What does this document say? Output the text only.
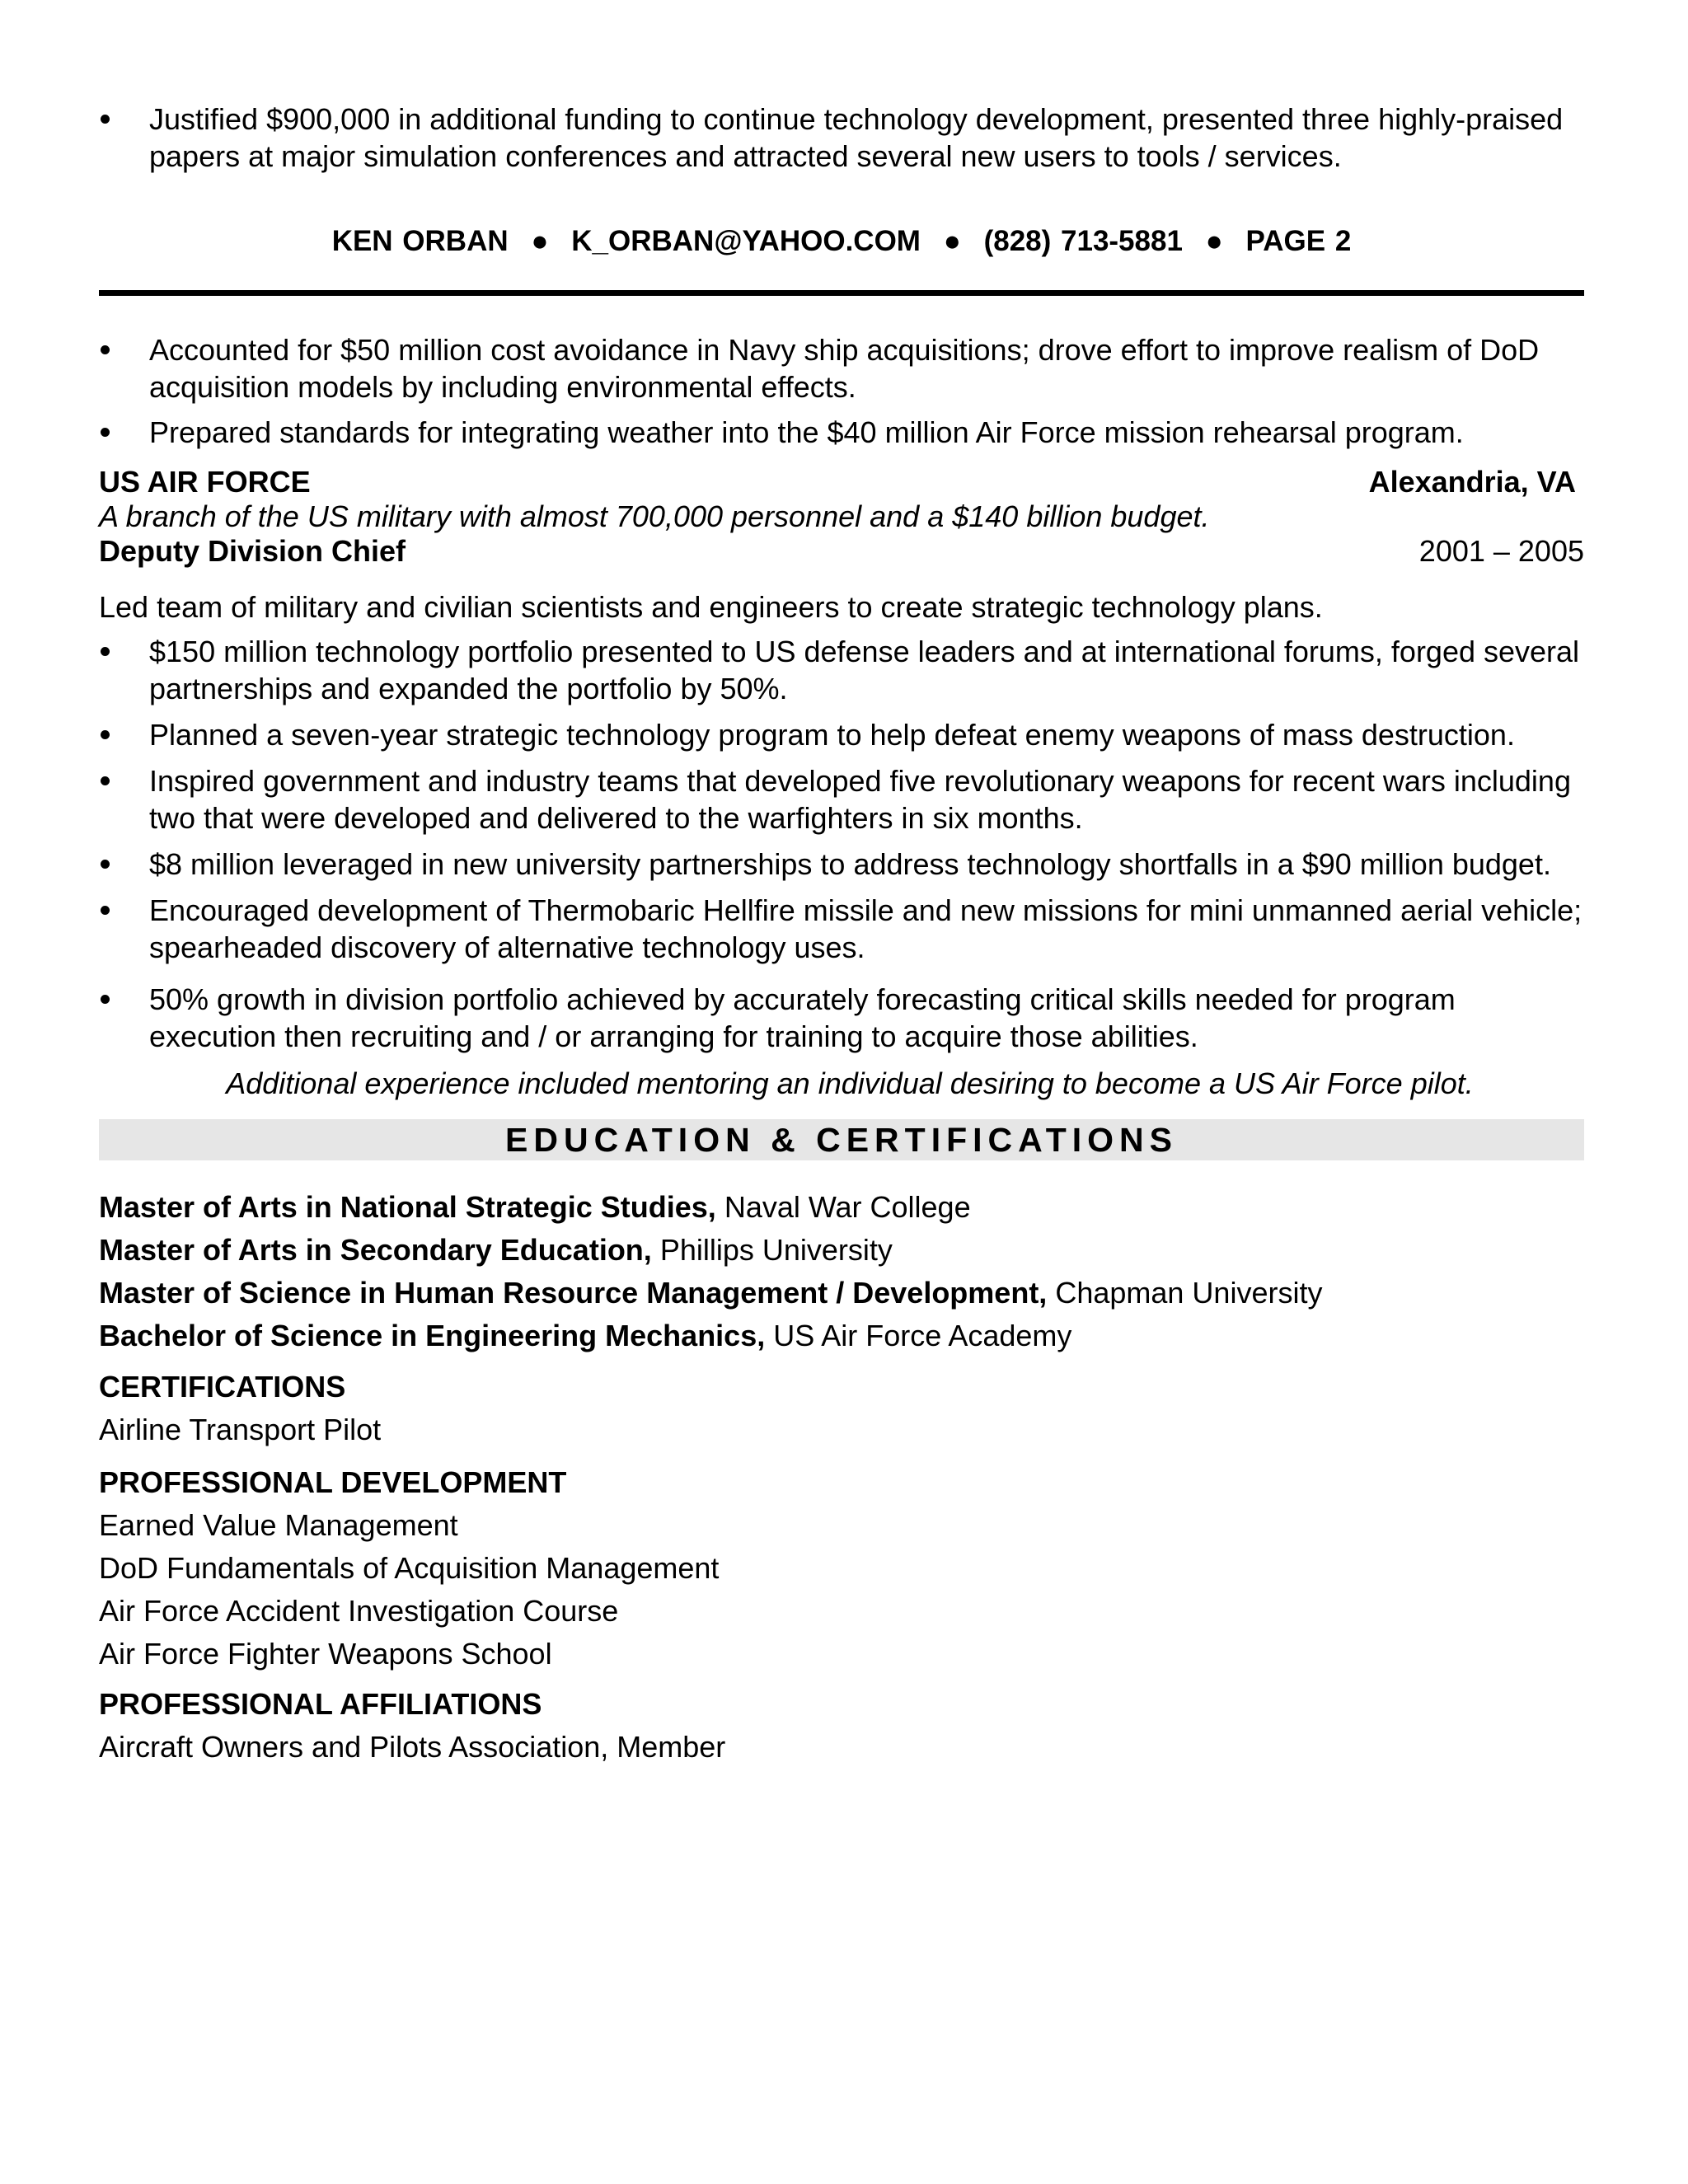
Justified $900,000 in additional funding to continue technology development, presented three highly-praised papers at major simulation conferences and attracted several new users to tools / services.
KEN ORBAN ● K_ORBAN@YAHOO.COM ● (828) 713-5881 ● PAGE 2
Accounted for $50 million cost avoidance in Navy ship acquisitions; drove effort to improve realism of DoD acquisition models by including environmental effects.
Prepared standards for integrating weather into the $40 million Air Force mission rehearsal program.
US AIR FORCE	Alexandria, VA
A branch of the US military with almost 700,000 personnel and a $140 billion budget.
Deputy Division Chief	2001 – 2005
Led team of military and civilian scientists and engineers to create strategic technology plans.
$150 million technology portfolio presented to US defense leaders and at international forums, forged several partnerships and expanded the portfolio by 50%.
Planned a seven-year strategic technology program to help defeat enemy weapons of mass destruction.
Inspired government and industry teams that developed five revolutionary weapons for recent wars including two that were developed and delivered to the warfighters in six months.
$8 million leveraged in new university partnerships to address technology shortfalls in a $90 million budget.
Encouraged development of Thermobaric Hellfire missile and new missions for mini unmanned aerial vehicle; spearheaded discovery of alternative technology uses.
50% growth in division portfolio achieved by accurately forecasting critical skills needed for program execution then recruiting and / or arranging for training to acquire those abilities.
Additional experience included mentoring an individual desiring to become a US Air Force pilot.
EDUCATION & CERTIFICATIONS
Master of Arts in National Strategic Studies, Naval War College
Master of Arts in Secondary Education, Phillips University
Master of Science in Human Resource Management / Development, Chapman University
Bachelor of Science in Engineering Mechanics, US Air Force Academy
CERTIFICATIONS
Airline Transport Pilot
PROFESSIONAL DEVELOPMENT
Earned Value Management
DoD Fundamentals of Acquisition Management
Air Force Accident Investigation Course
Air Force Fighter Weapons School
PROFESSIONAL AFFILIATIONS
Aircraft Owners and Pilots Association, Member
